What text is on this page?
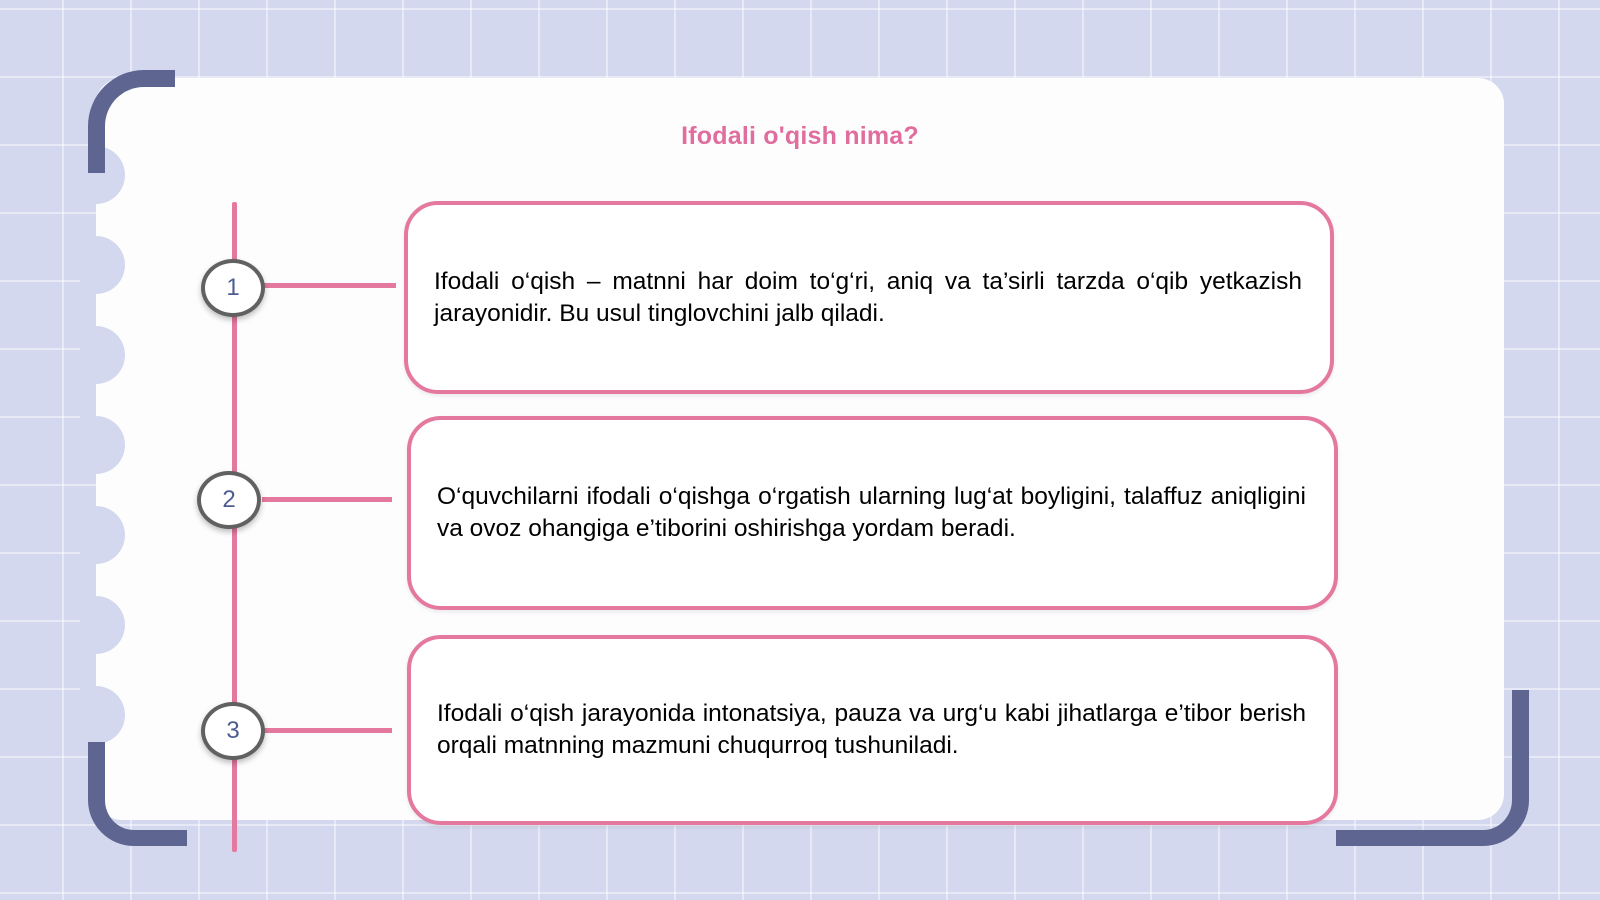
Ifodali o'qish nima?
1
2
3

Ifodali o‘qish – matnni har doim to‘g‘ri, aniq va ta’sirli tarzda o‘qib yetkazish jarayonidir. Bu usul tinglovchini jalb qiladi.

O‘quvchilarni ifodali o‘qishga o‘rgatish ularning lug‘at boyligini, talaffuz aniqligini va ovoz ohangiga e’tiborini oshirishga yordam beradi.

Ifodali o‘qish jarayonida intonatsiya, pauza va urg‘u kabi jihatlarga e’tibor berish orqali matnning mazmuni chuqurroq tushuniladi.
